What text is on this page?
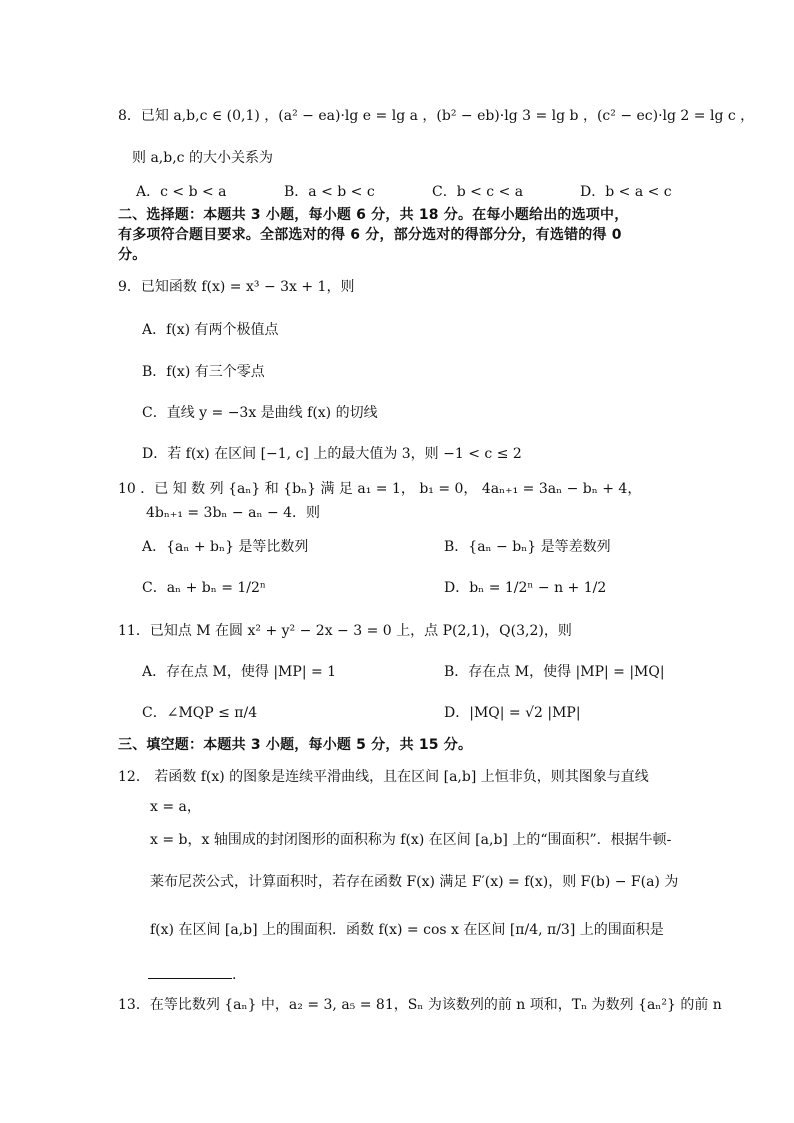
8．已知 a,b,c ∈ (0,1) ，(a² − ea)·lg e = lg a ，(b² − eb)·lg 3 = lg b ，(c² − ec)·lg 2 = lg c ，
则 a,b,c 的大小关系为
A．c < b < a	B．a < b < c	C．b < c < a	D．b < a < c
二、选择题：本题共 3 小题，每小题 6 分，共 18 分。在每小题给出的选项中，
有多项符合题目要求。全部选对的得 6 分，部分选对的得部分分，有选错的得 0
分。
9．已知函数 f(x) = x³ − 3x + 1，则
A．f(x) 有两个极值点
B．f(x) 有三个零点
C．直线 y = −3x 是曲线 f(x) 的切线
D．若 f(x) 在区间 [−1, c] 上的最大值为 3，则 −1 < c ≤ 2
10 ．已 知 数 列 {aₙ} 和 {bₙ} 满 足 a₁ = 1， b₁ = 0， 4aₙ₊₁ = 3aₙ − bₙ + 4，
4bₙ₊₁ = 3bₙ − aₙ − 4．则
A．{aₙ + bₙ} 是等比数列	B．{aₙ − bₙ} 是等差数列
C．aₙ + bₙ = 1/2ⁿ	D．bₙ = 1/2ⁿ − n + 1/2
11．已知点 M 在圆 x² + y² − 2x − 3 = 0 上，点 P(2,1)，Q(3,2)，则
A．存在点 M，使得 |MP| = 1	B．存在点 M，使得 |MP| = |MQ|
C．∠MQP ≤ π/4	D．|MQ| = √2 |MP|
三、填空题：本题共 3 小题，每小题 5 分，共 15 分。
12． 若函数 f(x) 的图象是连续平滑曲线，且在区间 [a,b] 上恒非负，则其图象与直线
x = a，
x = b，x 轴围成的封闭图形的面积称为 f(x) 在区间 [a,b] 上的“围面积”．根据牛顿-
莱布尼茨公式，计算面积时，若存在函数 F(x) 满足 F′(x) = f(x)，则 F(b) − F(a) 为
f(x) 在区间 [a,b] 上的围面积．函数 f(x) = cos x 在区间 [π/4, π/3] 上的围面积是
.
13．在等比数列 {aₙ} 中，a₂ = 3, a₅ = 81，Sₙ 为该数列的前 n 项和，Tₙ 为数列 {aₙ²} 的前 n
